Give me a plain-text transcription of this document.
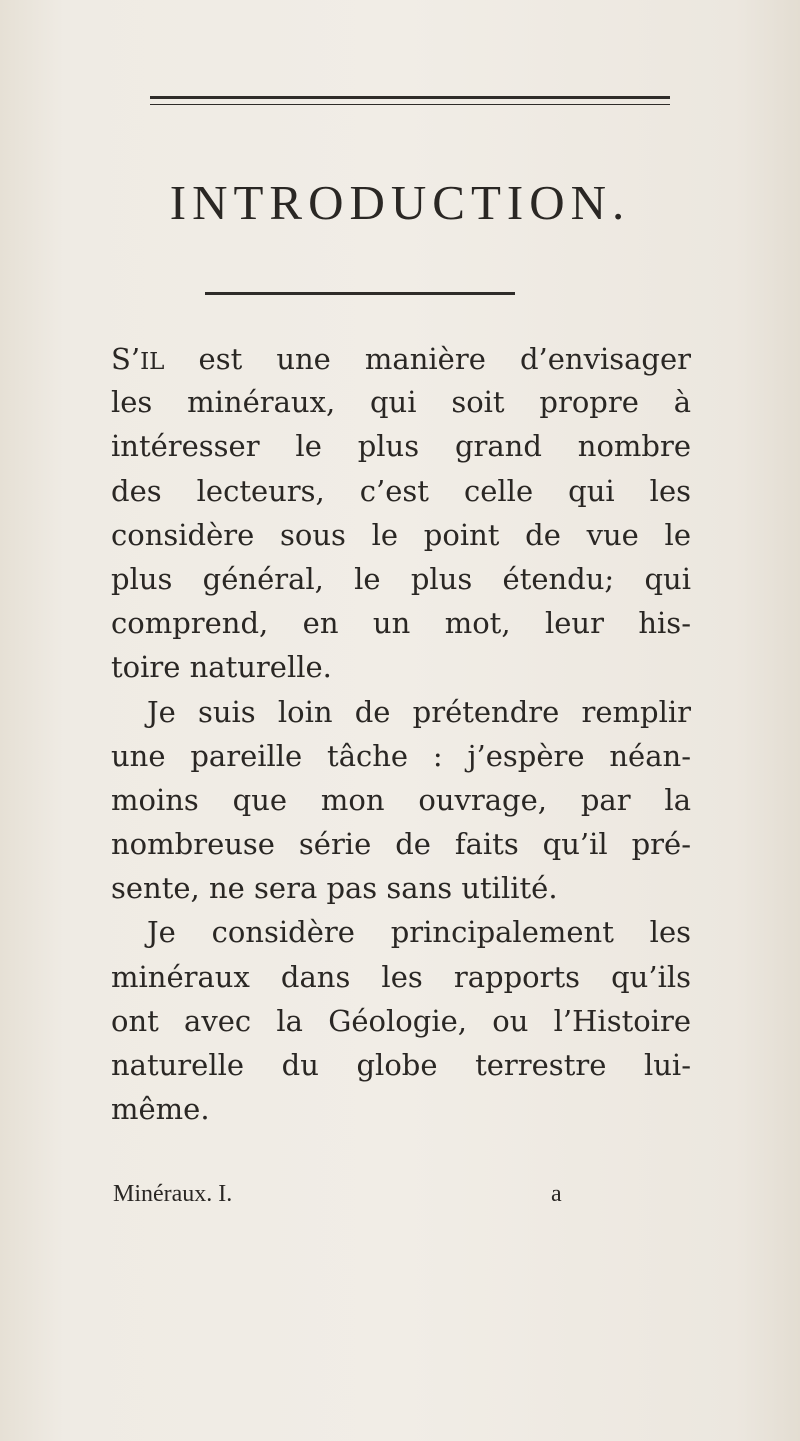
INTRODUCTION.
S’il est une manière d’envisager
les minéraux, qui soit propre à
intéresser le plus grand nombre
des lecteurs, c’est celle qui les
considère sous le point de vue le
plus général, le plus étendu; qui
comprend, en un mot, leur his-
toire naturelle.
Je suis loin de prétendre remplir
une pareille tâche : j’espère néan-
moins que mon ouvrage, par la
nombreuse série de faits qu’il pré-
sente, ne sera pas sans utilité.
Je considère principalement les
minéraux dans les rapports qu’ils
ont avec la Géologie, ou l’Histoire
naturelle du globe terrestre lui-
même.
Minéraux. I.	a
